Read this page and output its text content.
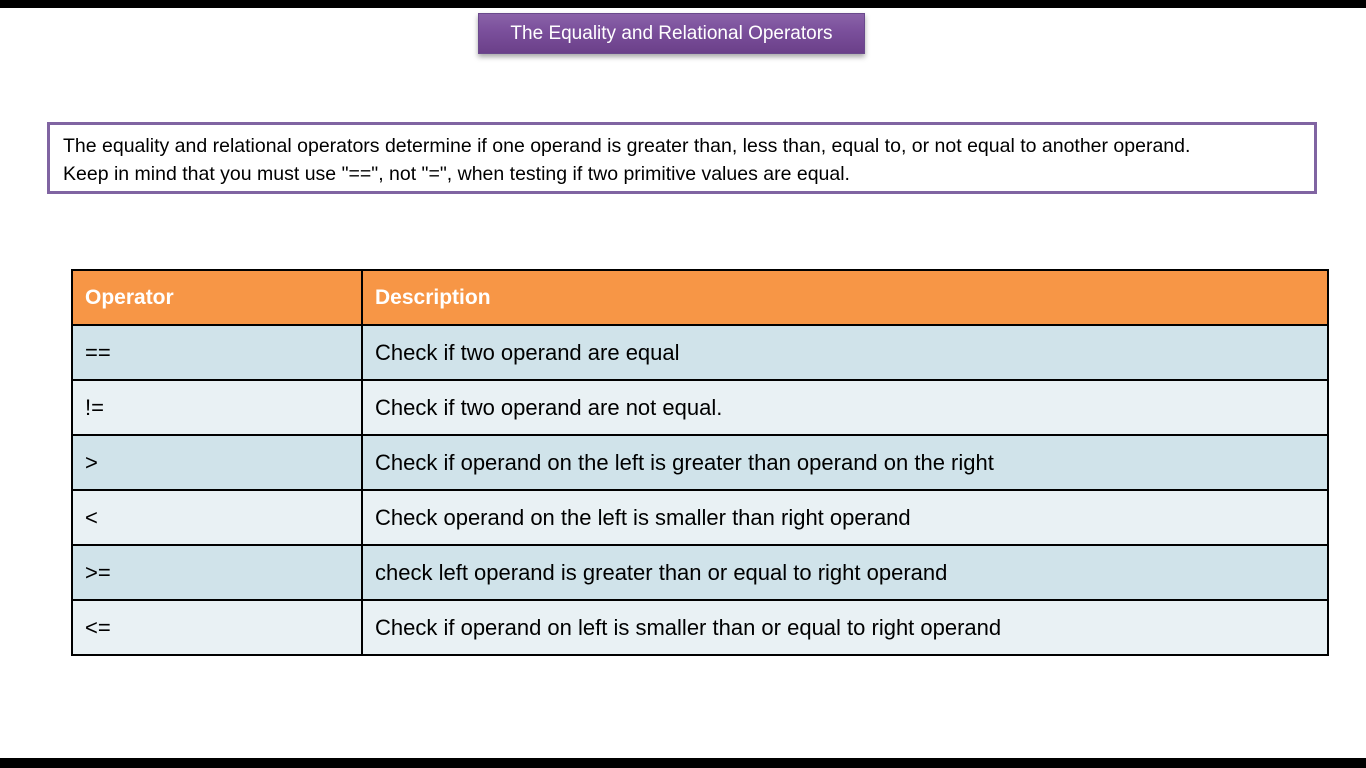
The Equality and Relational Operators

The equality and relational operators determine if one operand is greater than, less than, equal to, or not equal to another operand.

Keep in mind that you must use "==", not "=", when testing if two primitive values are equal.

Operator	Description
==	Check if two operand are equal
!=	Check if two operand are not equal.
>	Check if operand on the left is greater than operand on the right
<	Check operand on the left is smaller than right operand
>=	check left operand is greater than or equal to right operand
<=	Check if operand on left is smaller than or equal to right operand
